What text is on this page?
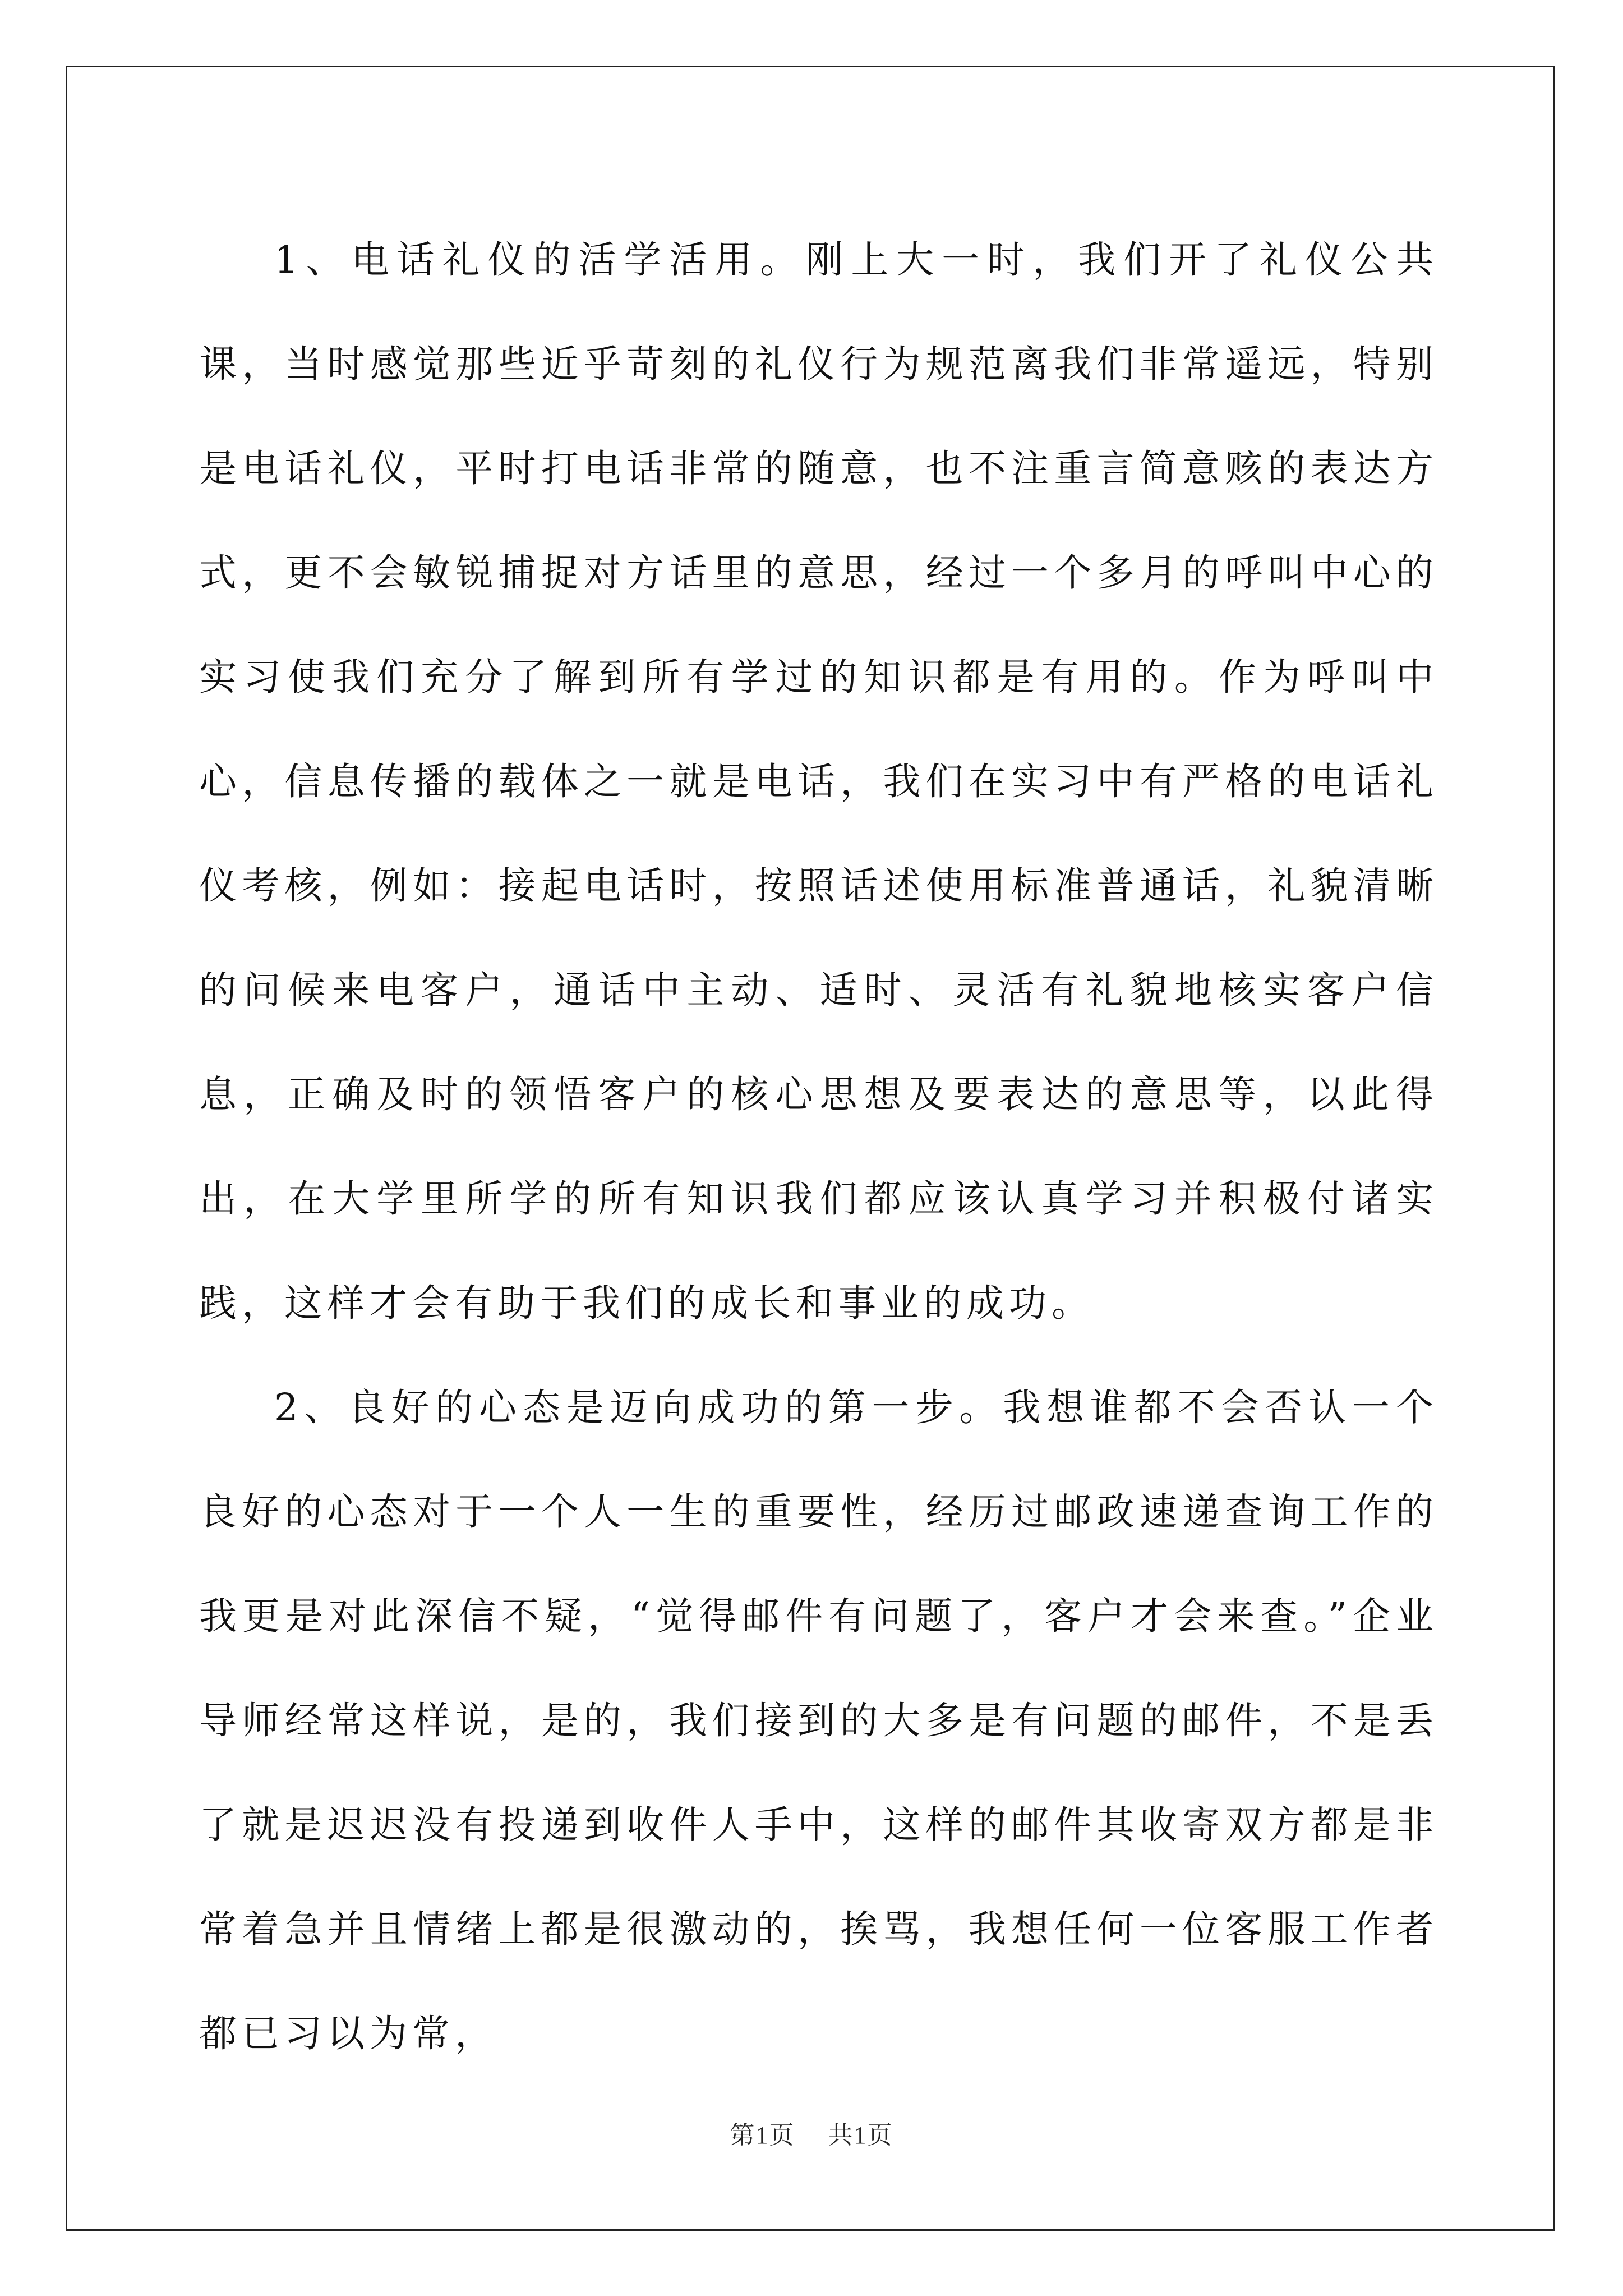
1、电话礼仪的活学活用。刚上大一时，我们开了礼仪公共课，当时感觉那些近乎苛刻的礼仪行为规范离我们非常遥远，特别是电话礼仪，平时打电话非常的随意，也不注重言简意赅的表达方式，更不会敏锐捕捉对方话里的意思，经过一个多月的呼叫中心的实习使我们充分了解到所有学过的知识都是有用的。作为呼叫中心，信息传播的载体之一就是电话，我们在实习中有严格的电话礼仪考核，例如：接起电话时，按照话述使用标准普通话，礼貌清晰的问候来电客户，通话中主动、适时、灵活有礼貌地核实客户信息，正确及时的领悟客户的核心思想及要表达的意思等，以此得出，在大学里所学的所有知识我们都应该认真学习并积极付诸实践，这样才会有助于我们的成长和事业的成功。

2、良好的心态是迈向成功的第一步。我想谁都不会否认一个良好的心态对于一个人一生的重要性，经历过邮政速递查询工作的我更是对此深信不疑，“觉得邮件有问题了，客户才会来查。”企业导师经常这样说，是的，我们接到的大多是有问题的邮件，不是丢了就是迟迟没有投递到收件人手中，这样的邮件其收寄双方都是非常着急并且情绪上都是很激动的，挨骂，我想任何一位客服工作者都已习以为常，

第1页 共1页
